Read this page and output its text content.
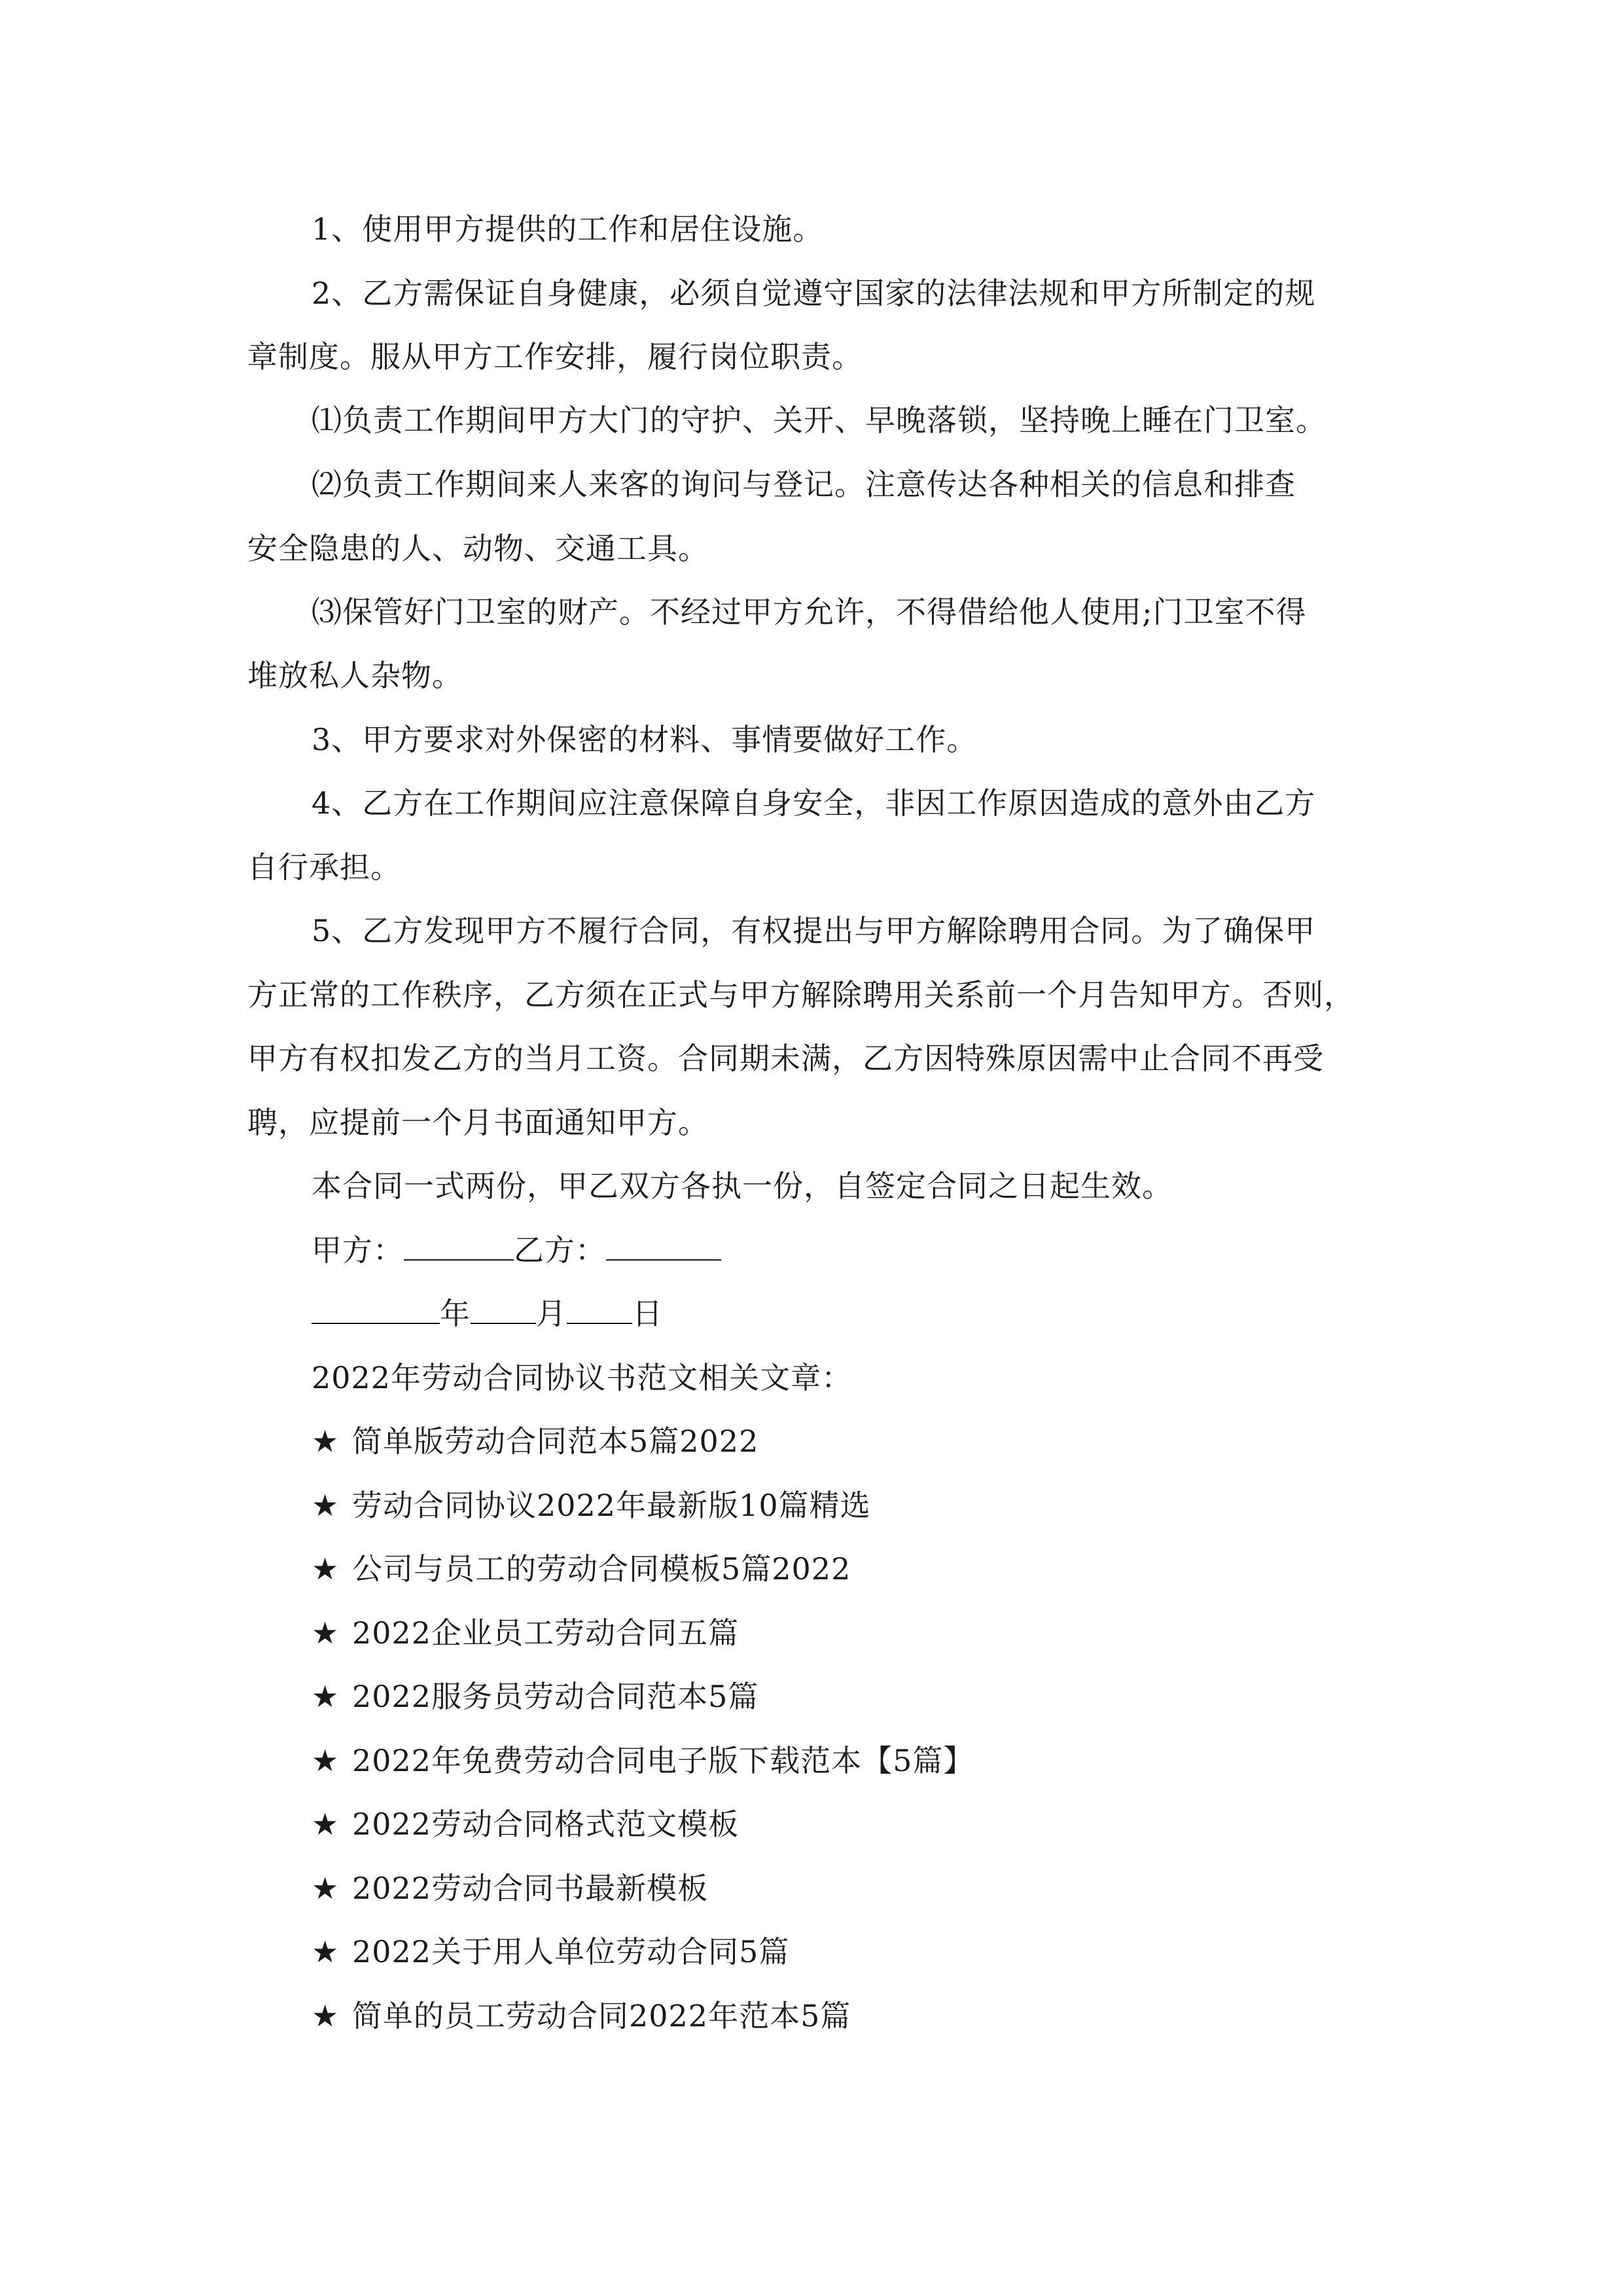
1、使用甲方提供的工作和居住设施。
2、乙方需保证自身健康，必须自觉遵守国家的法律法规和甲方所制定的规
章制度。服从甲方工作安排，履行岗位职责。
⑴负责工作期间甲方大门的守护、关开、早晚落锁，坚持晚上睡在门卫室。
⑵负责工作期间来人来客的询问与登记。注意传达各种相关的信息和排查
安全隐患的人、动物、交通工具。
⑶保管好门卫室的财产。不经过甲方允许，不得借给他人使用;门卫室不得
堆放私人杂物。
3、甲方要求对外保密的材料、事情要做好工作。
4、乙方在工作期间应注意保障自身安全，非因工作原因造成的意外由乙方
自行承担。
5、乙方发现甲方不履行合同，有权提出与甲方解除聘用合同。为了确保甲
方正常的工作秩序，乙方须在正式与甲方解除聘用关系前一个月告知甲方。否则，
甲方有权扣发乙方的当月工资。合同期未满，乙方因特殊原因需中止合同不再受
聘，应提前一个月书面通知甲方。
本合同一式两份，甲乙双方各执一份，自签定合同之日起生效。
甲方：	乙方：
年 月 日
2022年劳动合同协议书范文相关文章：
★ 简单版劳动合同范本5篇2022
★ 劳动合同协议2022年最新版10篇精选
★ 公司与员工的劳动合同模板5篇2022
★ 2022企业员工劳动合同五篇
★ 2022服务员劳动合同范本5篇
★ 2022年免费劳动合同电子版下载范本【5篇】
★ 2022劳动合同格式范文模板
★ 2022劳动合同书最新模板
★ 2022关于用人单位劳动合同5篇
★ 简单的员工劳动合同2022年范本5篇
